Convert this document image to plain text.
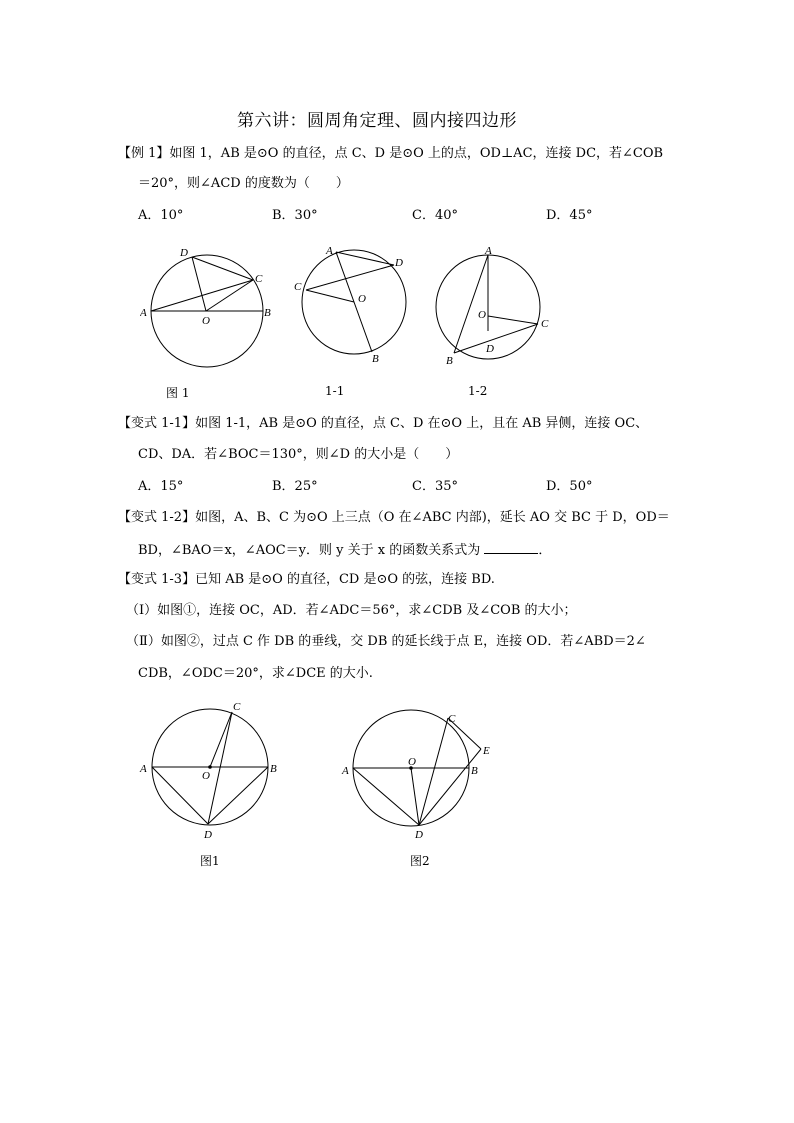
第六讲：圆周角定理、圆内接四边形
【例 1】如图 1，AB 是⊙O 的直径，点 C、D 是⊙O 上的点，OD⊥AC，连接 DC，若∠COB
＝20°，则∠ACD 的度数为（　　）
A．10°	B．30°	C．40°	D．45°
D
C
A
O
B
A
D
C
O
B
A
O
C
D
B
图 1	1-1	1-2
【变式 1-1】如图 1-1，AB 是⊙O 的直径，点 C、D 在⊙O 上，且在 AB 异侧，连接 OC、
CD、DA．若∠BOC＝130°，则∠D 的大小是（　　）
A．15°	B．25°	C．35°	D．50°
【变式 1-2】如图，A、B、C 为⊙O 上三点（O 在∠ABC 内部)，延长 AO 交 BC 于 D，OD＝
BD，∠BAO＝x，∠AOC＝y．则 y 关于 x 的函数关系式为	．
【变式 1-3】已知 AB 是⊙O 的直径，CD 是⊙O 的弦，连接 BD.
（Ⅰ）如图①，连接 OC，AD．若∠ADC＝56°，求∠CDB 及∠COB 的大小；
（Ⅱ）如图②，过点 C 作 DB 的垂线，交 DB 的延长线于点 E，连接 OD．若∠ABD＝2∠
CDB，∠ODC＝20°，求∠DCE 的大小.
C
A
O
B
D
C
E
A
O
B
D
图1	图2
